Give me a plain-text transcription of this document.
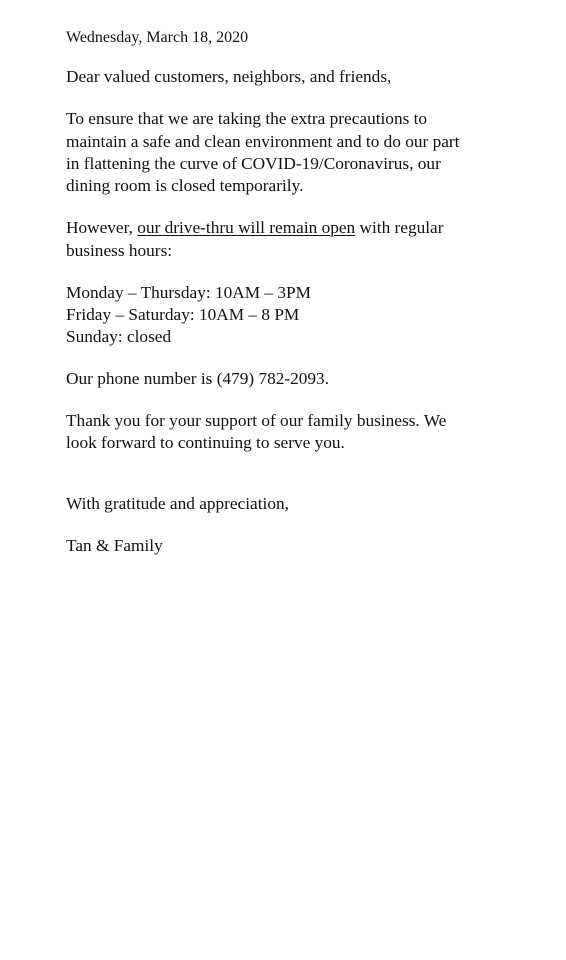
Wednesday, March 18, 2020

Dear valued customers, neighbors, and friends,

To ensure that we are taking the extra precautions to

maintain a safe and clean environment and to do our part

in flattening the curve of COVID-19/Coronavirus, our

dining room is closed temporarily.

However, our drive-thru will remain open with regular

business hours:

Monday – Thursday: 10AM – 3PM

Friday – Saturday: 10AM – 8 PM

Sunday: closed

Our phone number is (479) 782-2093.

Thank you for your support of our family business. We

look forward to continuing to serve you.

With gratitude and appreciation,

Tan & Family
